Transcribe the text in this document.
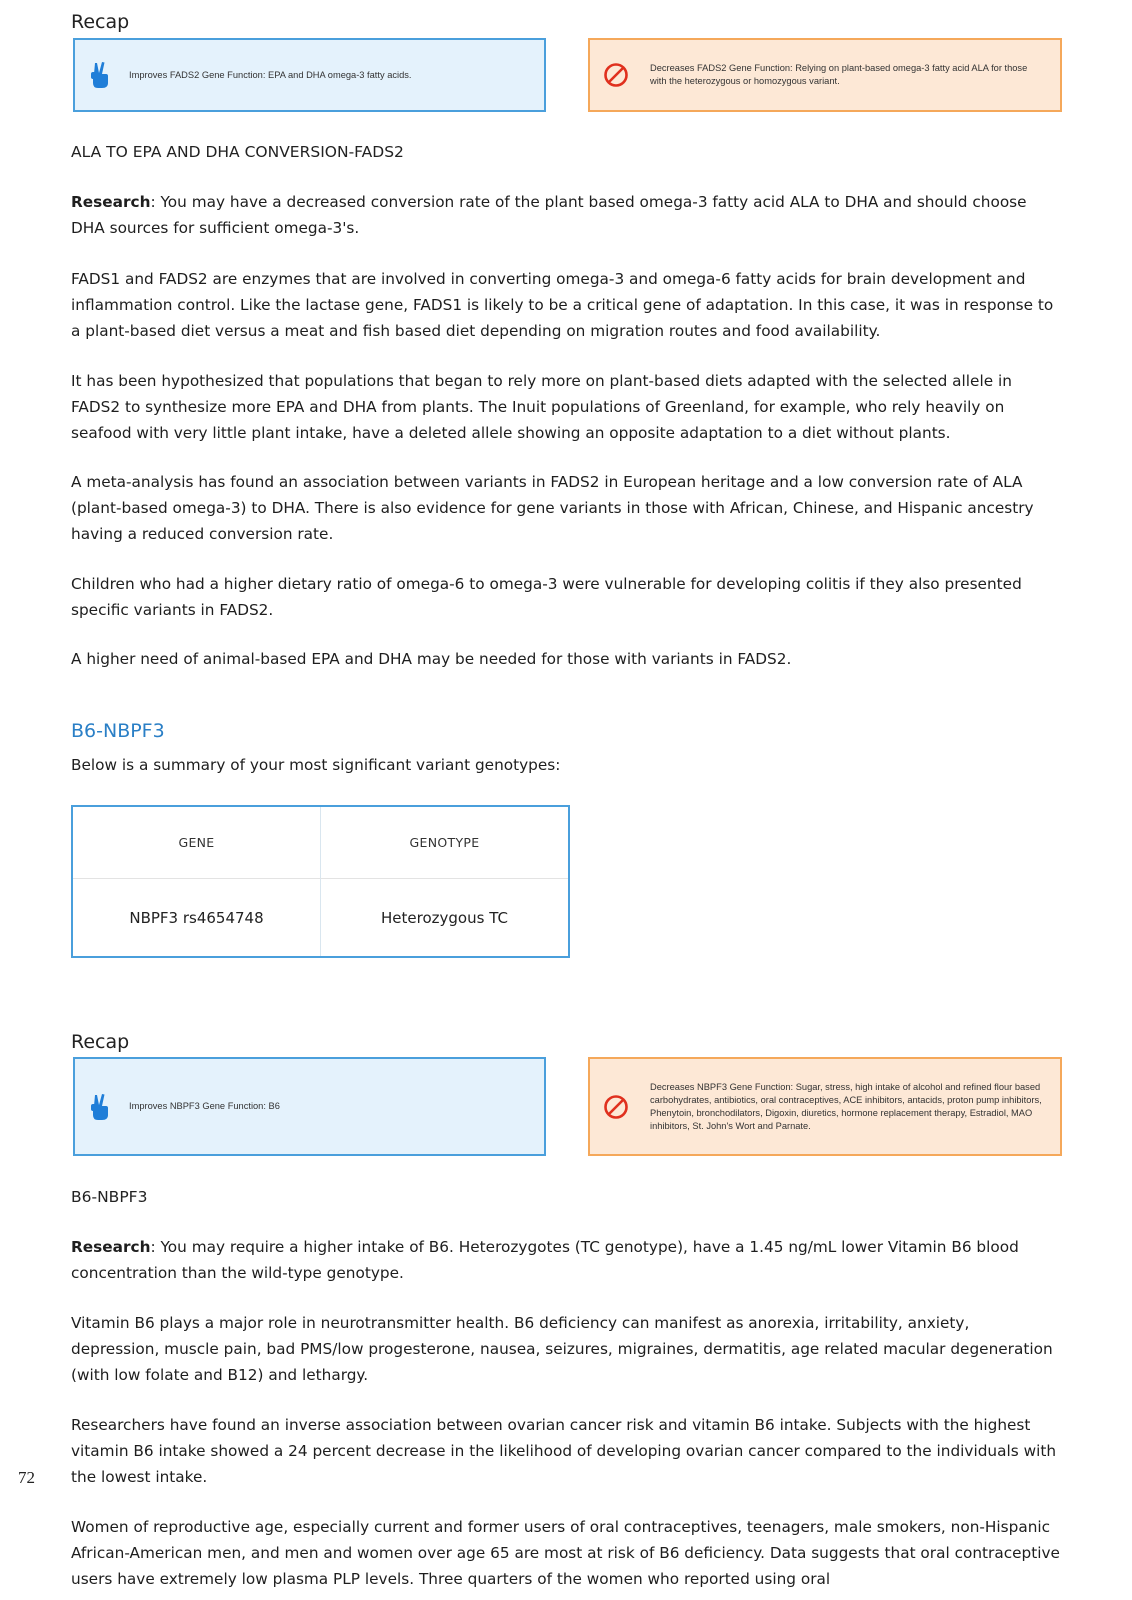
Recap
Improves FADS2 Gene Function: EPA and DHA omega-3 fatty acids.
Decreases FADS2 Gene Function: Relying on plant-based omega-3 fatty acid ALA for those with the heterozygous or homozygous variant.
ALA TO EPA AND DHA CONVERSION-FADS2
Research: You may have a decreased conversion rate of the plant based omega-3 fatty acid ALA to DHA and should choose DHA sources for sufficient omega-3's.
FADS1 and FADS2 are enzymes that are involved in converting omega-3 and omega-6 fatty acids for brain development and inflammation control. Like the lactase gene, FADS1 is likely to be a critical gene of adaptation. In this case, it was in response to a plant-based diet versus a meat and fish based diet depending on migration routes and food availability.
It has been hypothesized that populations that began to rely more on plant-based diets adapted with the selected allele in FADS2 to synthesize more EPA and DHA from plants. The Inuit populations of Greenland, for example, who rely heavily on seafood with very little plant intake, have a deleted allele showing an opposite adaptation to a diet without plants.
A meta-analysis has found an association between variants in FADS2 in European heritage and a low conversion rate of ALA (plant-based omega-3) to DHA. There is also evidence for gene variants in those with African, Chinese, and Hispanic ancestry having a reduced conversion rate.
Children who had a higher dietary ratio of omega-6 to omega-3 were vulnerable for developing colitis if they also presented specific variants in FADS2.
A higher need of animal-based EPA and DHA may be needed for those with variants in FADS2.
B6-NBPF3
Below is a summary of your most significant variant genotypes:
GENE	GENOTYPE
NBPF3 rs4654748	Heterozygous TC
Recap
Improves NBPF3 Gene Function: B6
Decreases NBPF3 Gene Function: Sugar, stress, high intake of alcohol and refined flour based carbohydrates, antibiotics, oral contraceptives, ACE inhibitors, antacids, proton pump inhibitors, Phenytoin, bronchodilators, Digoxin, diuretics, hormone replacement therapy, Estradiol, MAO inhibitors, St. John's Wort and Parnate.
B6-NBPF3
Research: You may require a higher intake of B6. Heterozygotes (TC genotype), have a 1.45 ng/mL lower Vitamin B6 blood concentration than the wild-type genotype.
Vitamin B6 plays a major role in neurotransmitter health. B6 deficiency can manifest as anorexia, irritability, anxiety, depression, muscle pain, bad PMS/low progesterone, nausea, seizures, migraines, dermatitis, age related macular degeneration (with low folate and B12) and lethargy.
Researchers have found an inverse association between ovarian cancer risk and vitamin B6 intake. Subjects with the highest vitamin B6 intake showed a 24 percent decrease in the likelihood of developing ovarian cancer compared to the individuals with the lowest intake.
Women of reproductive age, especially current and former users of oral contraceptives, teenagers, male smokers, non-Hispanic African-American men, and men and women over age 65 are most at risk of B6 deficiency. Data suggests that oral contraceptive users have extremely low plasma PLP levels. Three quarters of the women who reported using oral
72
